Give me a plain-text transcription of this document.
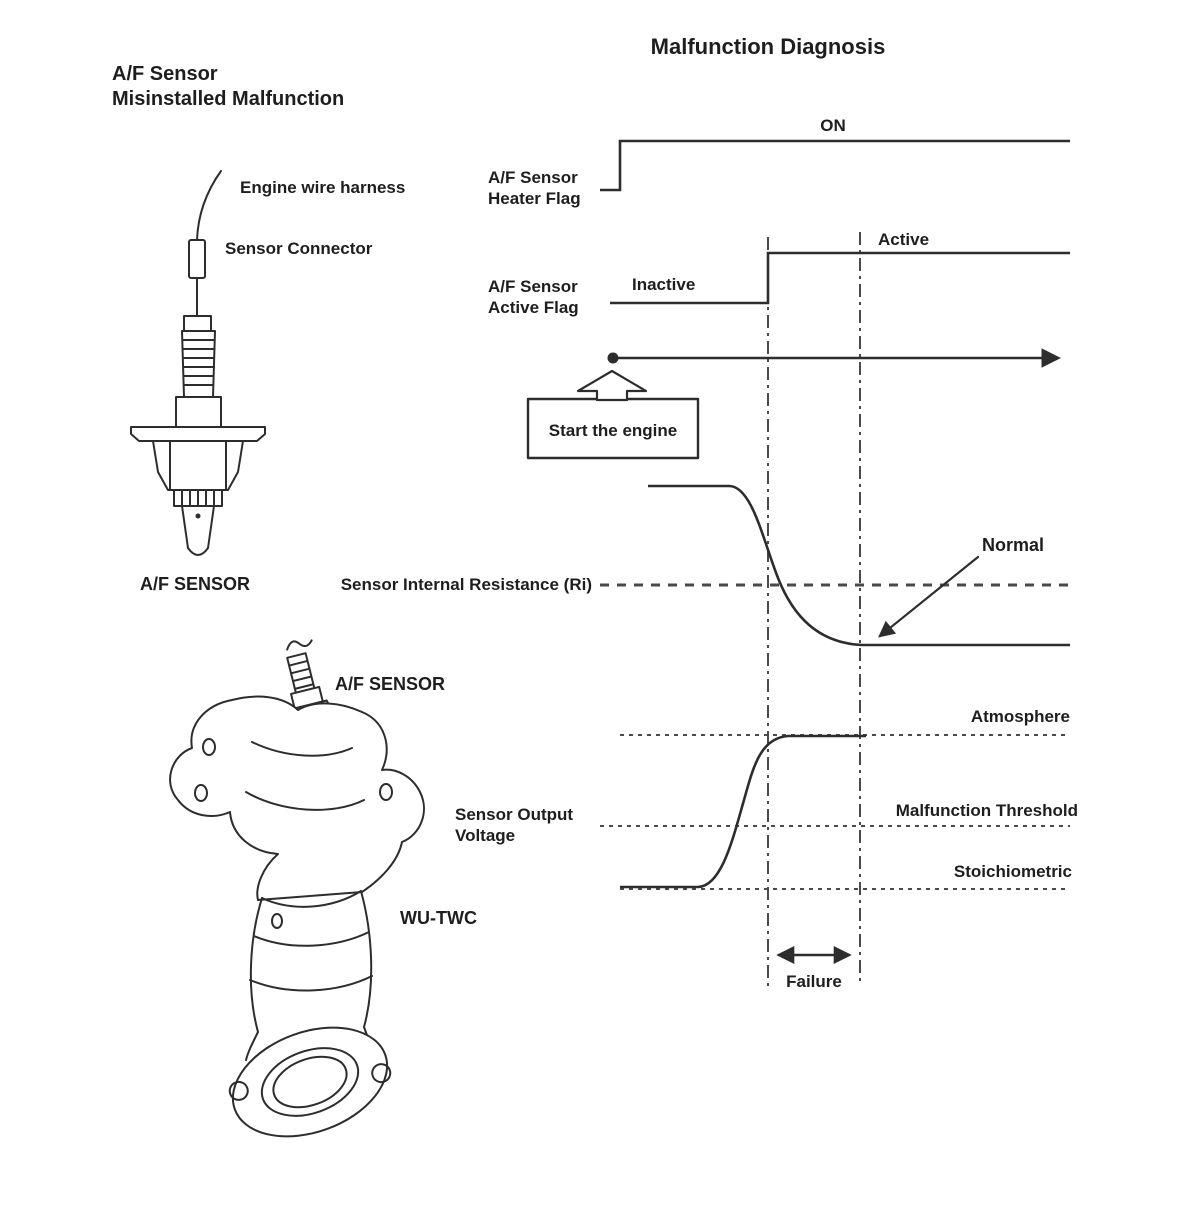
Malfunction Diagnosis
A/F Sensor
Misinstalled Malfunction
Engine wire harness
Sensor Connector
A/F SENSOR
A/F SENSOR
WU-TWC
A/F Sensor
Heater Flag
ON
A/F Sensor
Active Flag
Inactive
Active
Start the engine
Sensor Internal Resistance (Ri)
Normal
Atmosphere
Sensor Output
Voltage
Malfunction Threshold
Stoichiometric
Failure
